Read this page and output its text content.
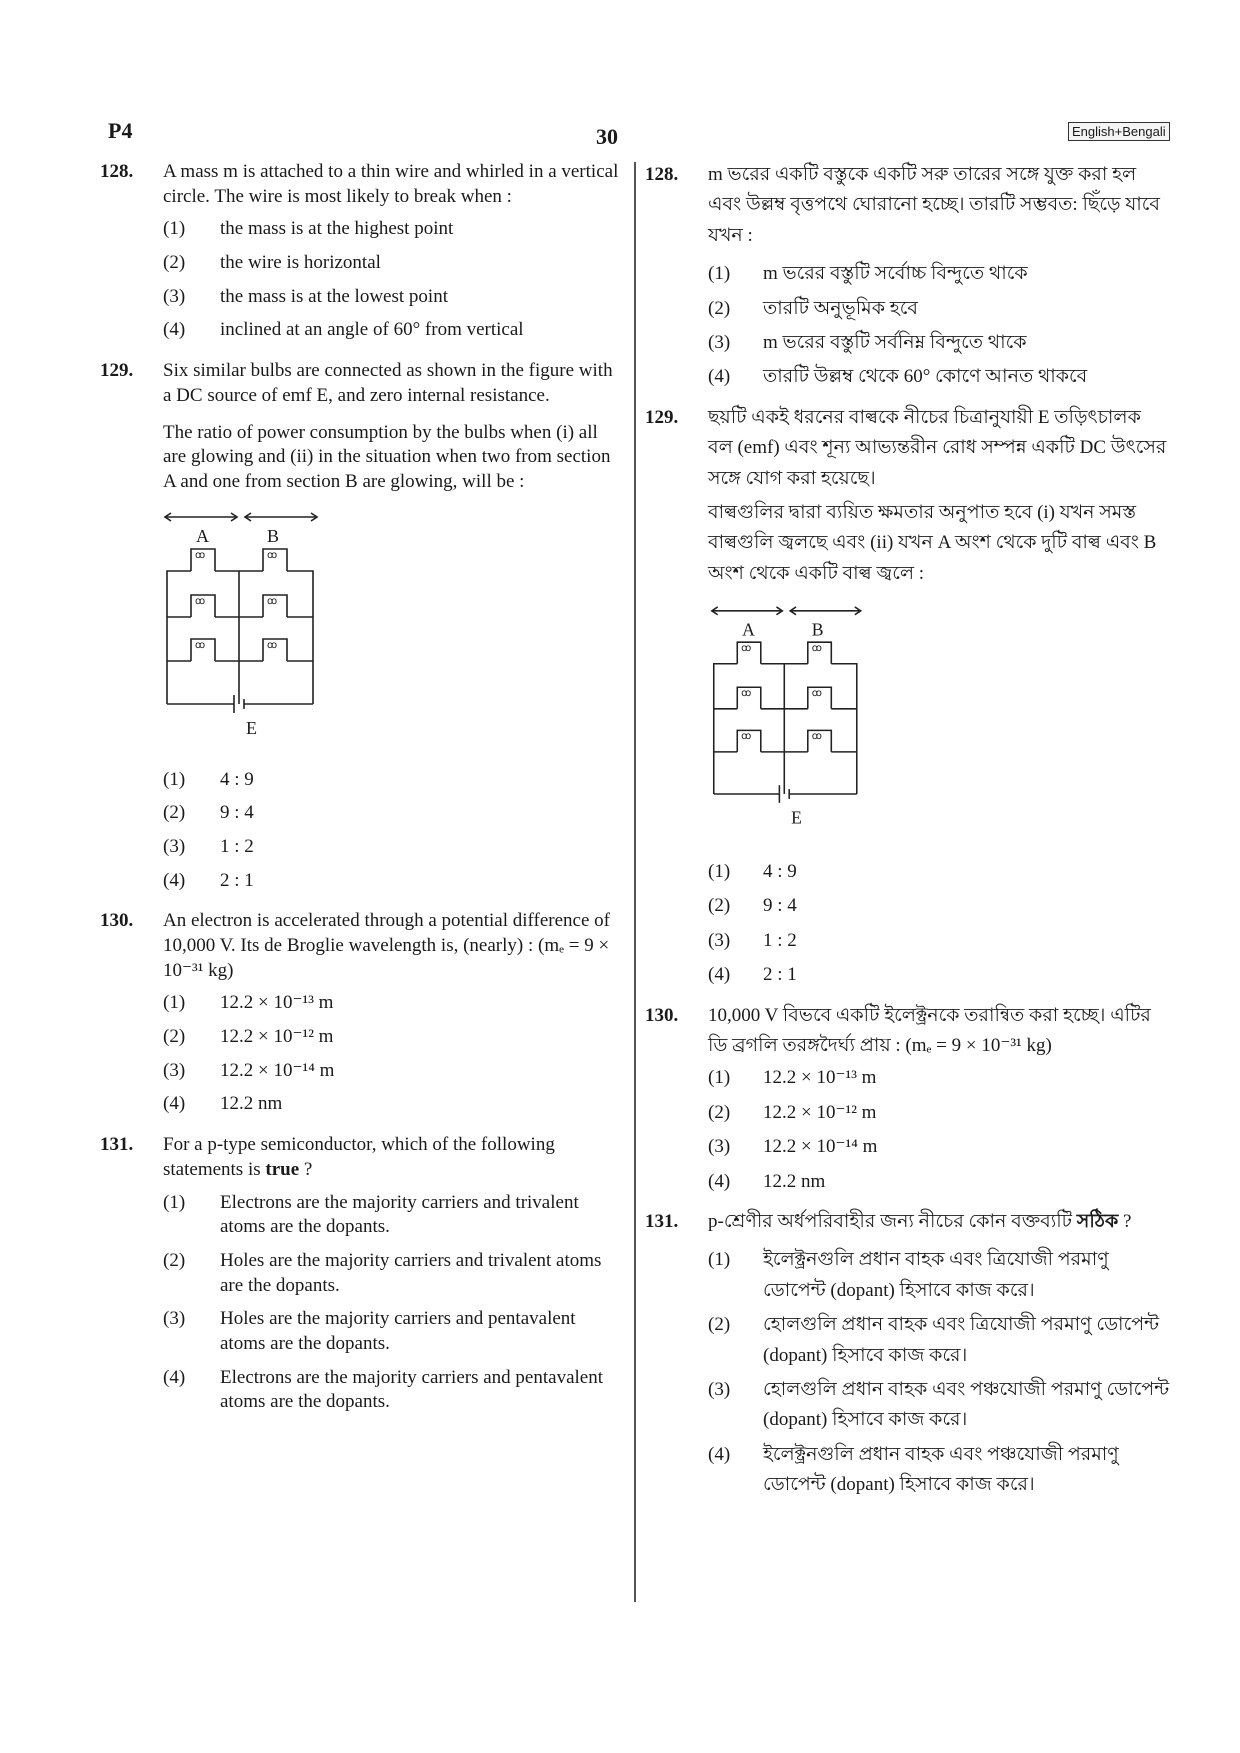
P4	30	English+Bengali
128. A mass m is attached to a thin wire and whirled in a vertical circle. The wire is most likely to break when :
(1)	the mass is at the highest point
(2)	the wire is horizontal
(3)	the mass is at the lowest point
(4)	inclined at an angle of 60° from vertical
129. Six similar bulbs are connected as shown in the figure with a DC source of emf E, and zero internal resistance.
The ratio of power consumption by the bulbs when (i) all are glowing and (ii) in the situation when two from section A and one from section B are glowing, will be :
ꝏ	ꝏ
ꝏ	ꝏ
ꝏ	ꝏ
A	B
E
(1)	4 : 9
(2)	9 : 4
(3)	1 : 2
(4)	2 : 1
130. An electron is accelerated through a potential difference of 10,000 V. Its de Broglie wavelength is, (nearly) : (mₑ = 9 × 10⁻³¹ kg)
(1)	12.2 × 10⁻¹³ m
(2)	12.2 × 10⁻¹² m
(3)	12.2 × 10⁻¹⁴ m
(4)	12.2 nm
131. For a p-type semiconductor, which of the following statements is true ?
(1)	Electrons are the majority carriers and trivalent atoms are the dopants.
(2)	Holes are the majority carriers and trivalent atoms are the dopants.
(3)	Holes are the majority carriers and pentavalent atoms are the dopants.
(4)	Electrons are the majority carriers and pentavalent atoms are the dopants.
128. m ভরের একটি বস্তুকে একটি সরু তারের সঙ্গে যুক্ত করা হল এবং উল্লম্ব বৃত্তপথে ঘোরানো হচ্ছে। তারটি সম্ভবত: ছিঁড়ে যাবে যখন :
(1)	m ভরের বস্তুটি সর্বোচ্চ বিন্দুতে থাকে
(2)	তারটি অনুভূমিক হবে
(3)	m ভরের বস্তুটি সর্বনিম্ন বিন্দুতে থাকে
(4)	তারটি উল্লম্ব থেকে 60° কোণে আনত থাকবে
129. ছয়টি একই ধরনের বাল্বকে নীচের চিত্রানুযায়ী E তড়িৎচালক বল (emf) এবং শূন্য আভ্যন্তরীন রোধ সম্পন্ন একটি DC উৎসের সঙ্গে যোগ করা হয়েছে।
বাল্বগুলির দ্বারা ব্যয়িত ক্ষমতার অনুপাত হবে (i) যখন সমস্ত বাল্বগুলি জ্বলছে এবং (ii) যখন A অংশ থেকে দুটি বাল্ব এবং B অংশ থেকে একটি বাল্ব জ্বলে :
ꝏ	ꝏ
ꝏ	ꝏ
ꝏ	ꝏ
A	B
E
(1)	4 : 9
(2)	9 : 4
(3)	1 : 2
(4)	2 : 1
130. 10,000 V বিভবে একটি ইলেক্ট্রনকে তরান্বিত করা হচ্ছে। এটির ডি ব্রগলি তরঙ্গদৈর্ঘ্য প্রায় : (mₑ = 9 × 10⁻³¹ kg)
(1)	12.2 × 10⁻¹³ m
(2)	12.2 × 10⁻¹² m
(3)	12.2 × 10⁻¹⁴ m
(4)	12.2 nm
131. p-শ্রেণীর অর্ধপরিবাহীর জন্য নীচের কোন বক্তব্যটি সঠিক ?
(1)	ইলেক্ট্রনগুলি প্রধান বাহক এবং ত্রিযোজী পরমাণু ডোপেন্ট (dopant) হিসাবে কাজ করে।
(2)	হোলগুলি প্রধান বাহক এবং ত্রিযোজী পরমাণু ডোপেন্ট (dopant) হিসাবে কাজ করে।
(3)	হোলগুলি প্রধান বাহক এবং পঞ্চযোজী পরমাণু ডোপেন্ট (dopant) হিসাবে কাজ করে।
(4)	ইলেক্ট্রনগুলি প্রধান বাহক এবং পঞ্চযোজী পরমাণু ডোপেন্ট (dopant) হিসাবে কাজ করে।
